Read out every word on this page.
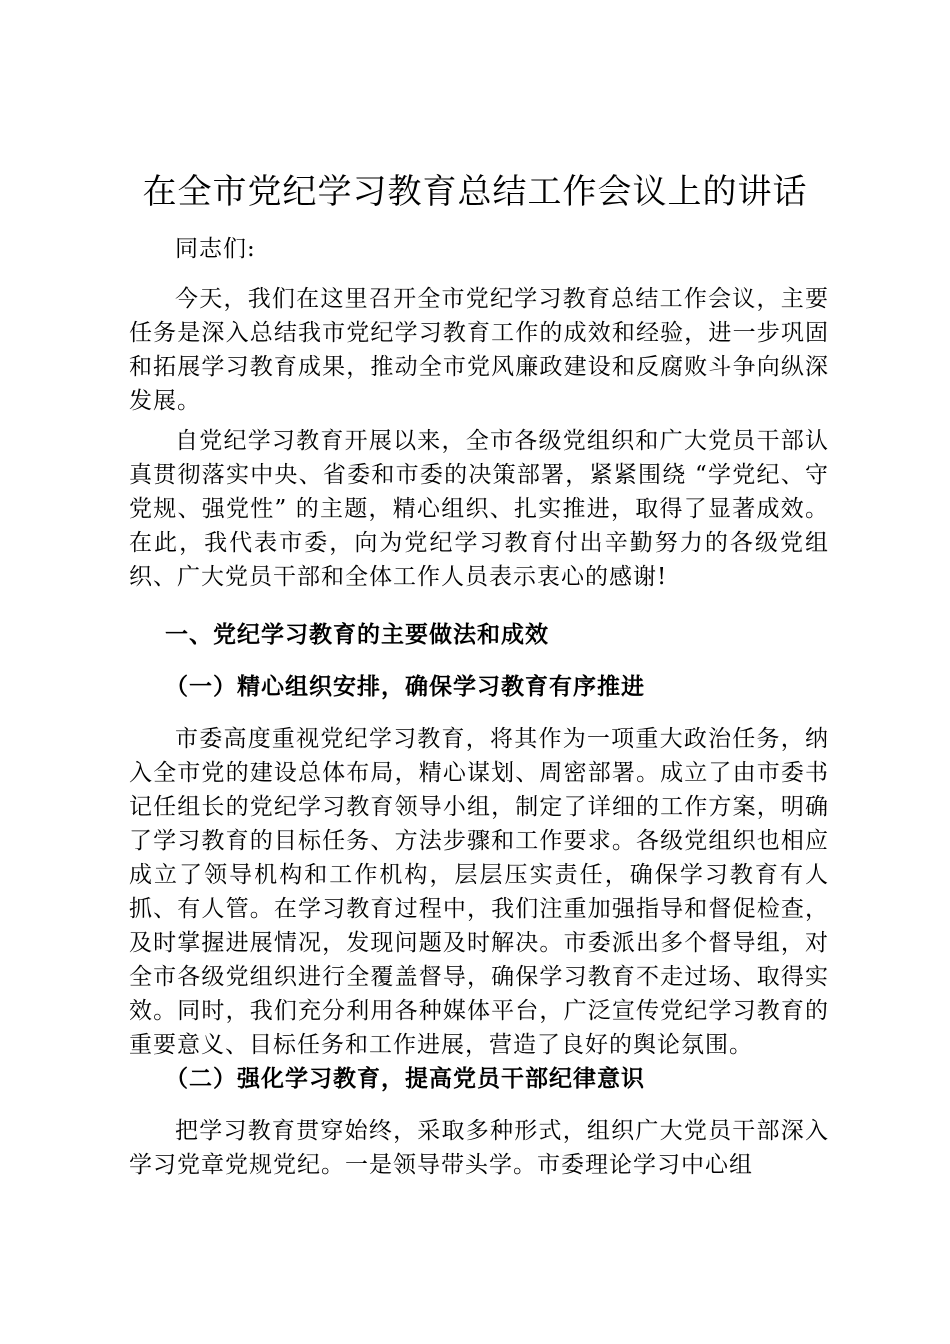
在全市党纪学习教育总结工作会议上的讲话

同志们:

今天，我们在这里召开全市党纪学习教育总结工作会议，主要任务是深入总结我市党纪学习教育工作的成效和经验，进一步巩固和拓展学习教育成果，推动全市党风廉政建设和反腐败斗争向纵深发展。

自党纪学习教育开展以来，全市各级党组织和广大党员干部认真贯彻落实中央、省委和市委的决策部署，紧紧围绕 “学党纪、守党规、强党性” 的主题，精心组织、扎实推进，取得了显著成效。在此，我代表市委，向为党纪学习教育付出辛勤努力的各级党组织、广大党员干部和全体工作人员表示衷心的感谢!

一、党纪学习教育的主要做法和成效

（一）精心组织安排，确保学习教育有序推进

市委高度重视党纪学习教育，将其作为一项重大政治任务，纳入全市党的建设总体布局，精心谋划、周密部署。成立了由市委书记任组长的党纪学习教育领导小组，制定了详细的工作方案，明确了学习教育的目标任务、方法步骤和工作要求。各级党组织也相应成立了领导机构和工作机构，层层压实责任，确保学习教育有人抓、有人管。在学习教育过程中，我们注重加强指导和督促检查，及时掌握进展情况，发现问题及时解决。市委派出多个督导组，对全市各级党组织进行全覆盖督导，确保学习教育不走过场、取得实效。同时，我们充分利用各种媒体平台，广泛宣传党纪学习教育的重要意义、目标任务和工作进展，营造了良好的舆论氛围。

（二）强化学习教育，提高党员干部纪律意识

把学习教育贯穿始终，采取多种形式，组织广大党员干部深入学习党章党规党纪。一是领导带头学。市委理论学习中心组
